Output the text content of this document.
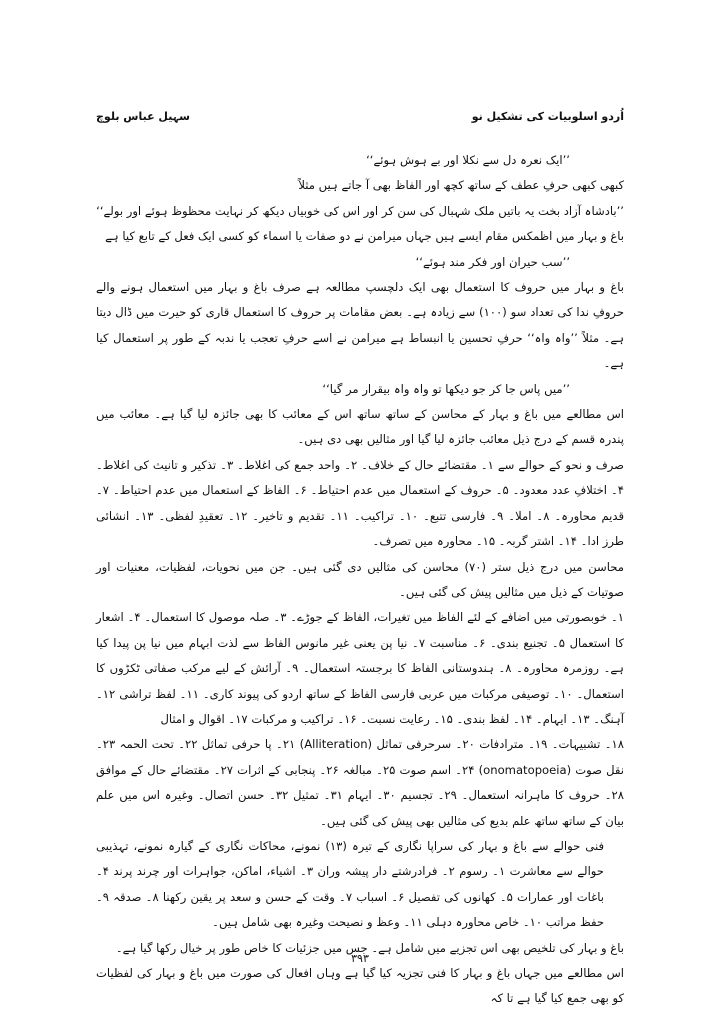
اُردو اسلوبیات کی تشکیل نو
سہیل عباس بلوچ

’’ایک نعرہ دل سے نکلا اور بے ہوش ہوئے‘‘

کبھی کبھی حرفِ عطف کے ساتھ کچھ اور الفاظ بھی آ جاتے ہیں مثلاً

’’بادشاہ آزاد بخت یہ باتیں ملک شہبال کی سن کر اور اس کی خوبیاں دیکھ کر نہایت محظوظ ہوئے اور بولے‘‘

باغ و بہار میں اظمکس مقام ایسے ہیں جہاں میرامن نے دو صفات یا اسماء کو کسی ایک فعل کے تابع کیا ہے

’’سب حیران اور فکر مند ہوئے‘‘

باغ و بہار میں حروف کا استعمال بھی ایک دلچسپ مطالعہ ہے صرف باغ و بہار میں استعمال ہونے والے حروفِ ندا کی تعداد سو (۱۰۰) سے زیادہ ہے۔ بعض مقامات پر حروف کا استعمال قاری کو حیرت میں ڈال دیتا ہے۔ مثلاً ’’واہ واہ‘‘ حرفِ تحسین یا انبساط ہے میرامن نے اسے حرفِ تعجب یا ندبہ کے طور پر استعمال کیا ہے۔

’’میں پاس جا کر جو دیکھا تو واہ واہ بیقرار مر گیا‘‘

اس مطالعے میں باغ و بہار کے محاسن کے ساتھ ساتھ اس کے معائب کا بھی جائزہ لیا گیا ہے۔ معائب میں پندرہ قسم کے درج ذیل معائب جائزہ لیا گیا اور مثالیں بھی دی ہیں۔

صرف و نحو کے حوالے سے ۱۔ مقتضائے حال کے خلاف۔ ۲۔ واحد جمع کی اغلاط۔ ۳۔ تذکیر و تانیث کی اغلاط۔ ۴۔ اختلافِ عدد معدود۔ ۵۔ حروف کے استعمال میں عدم احتیاط۔ ۶۔ الفاظ کے استعمال میں عدم احتیاط۔ ۷۔ قدیم محاورہ۔ ۸۔ املا۔ ۹۔ فارسی تتبع۔ ۱۰۔ تراکیب۔ ۱۱۔ تقدیم و تاخیر۔ ۱۲۔ تعقیدِ لفظی۔ ۱۳۔ انشائی طرز ادا۔ ۱۴۔ اشتر گربہ۔ ۱۵۔ محاورہ میں تصرف۔

محاسن میں درج ذیل ستر (۷۰) محاسن کی مثالیں دی گئی ہیں۔ جن میں نحویات، لفظیات، معنیات اور صوتیات کے ذیل میں مثالیں پیش کی گئی ہیں۔

۱۔ خوبصورتی میں اضافے کے لئے الفاظ میں تغیرات، الفاظ کے جوڑے۔ ۳۔ صلہ موصول کا استعمال۔ ۴۔ اشعار کا استعمال ۵۔ تجنیع بندی۔ ۶۔ مناسبت ۷۔ نیا پن یعنی غیر مانوس الفاظ سے لذت ابہام میں نیا پن پیدا کیا ہے۔ روزمرہ محاورہ۔ ۸۔ ہندوستانی الفاظ کا برجستہ استعمال۔ ۹۔ آرائش کے لیے مرکب صفاتی ٹکڑوں کا استعمال۔ ۱۰۔ توصیفی مرکبات میں عربی فارسی الفاظ کے ساتھ اردو کی پیوند کاری۔ ۱۱۔ لفظ تراشی ۱۲۔ آہنگ۔ ۱۳۔ ایہام۔ ۱۴۔ لفظ بندی۔ ۱۵۔ رعایت نسبت۔ ۱۶۔ تراکیب و مرکبات ۱۷۔ اقوال و امثال

۱۸۔ تشبیہات۔ ۱۹۔ مترادفات ۲۰۔ سرحرفی تماثل (Alliteration) ۲۱۔ پا حرفی تماثل ۲۲۔ تحت الحمہ ۲۳۔ نقل صوت (onomatopoeia) ۲۴۔ اسم صوت ۲۵۔ مبالغہ ۲۶۔ پنجابی کے اثرات ۲۷۔ مقتضائے حال کے موافق ۲۸۔ حروف کا ماہرانہ استعمال۔ ۲۹۔ تجسیم ۳۰۔ ایہام ۳۱۔ تمثیل ۳۲۔ حسن اتصال۔ وغیرہ اس میں علم بیان کے ساتھ ساتھ علم بدیع کی مثالیں بھی پیش کی گئی ہیں۔

فنی حوالے سے باغ و بہار کی سراپا نگاری کے تیرہ (۱۳) نمونے، محاکات نگاری کے گیارہ نمونے، تہذیبی حوالے سے معاشرت ۱۔ رسوم ۲۔ فرادرشتے دار پیشہ وران ۳۔ اشیاء، اماکن، جواہرات اور چرند پرند ۴۔ باغات اور عمارات ۵۔ کھانوں کی تفصیل ۶۔ اسباب ۷۔ وقت کے حسن و سعد پر یقین رکھنا ۸۔ صدقہ ۹۔ حفظ مراتب ۱۰۔ خاص محاورہ دہلی ۱۱۔ وعظ و نصیحت وغیرہ بھی شامل ہیں۔

باغ و بہار کی تلخیص بھی اس تجزیے میں شامل ہے۔ جس میں جزئیات کا خاص طور پر خیال رکھا گیا ہے۔

اس مطالعے میں جہاں باغ و بہار کا فنی تجزیہ کیا گیا ہے وہاں افعال کی صورت میں باغ و بہار کی لفظیات کو بھی جمع کیا گیا ہے تا کہ

۳۹۳
